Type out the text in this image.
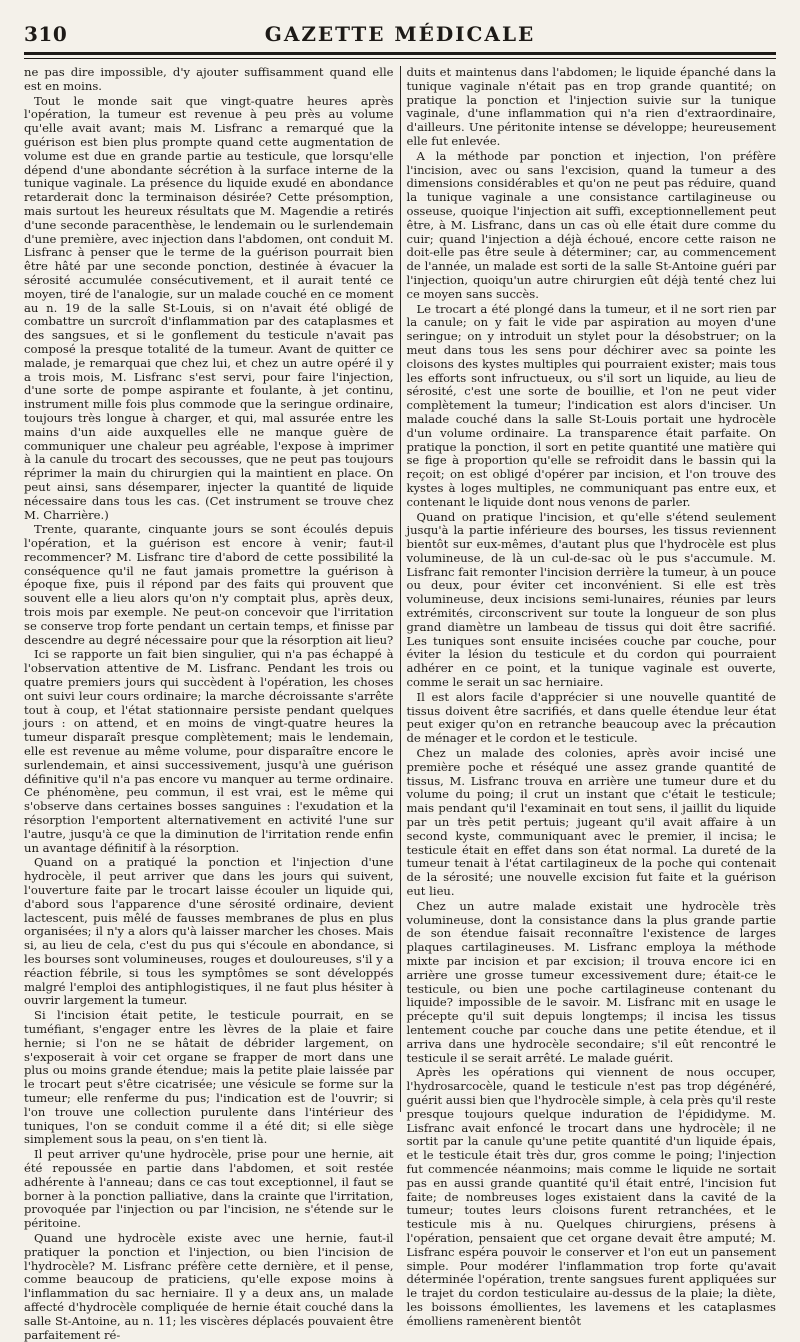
310	GAZETTE MÉDICALE

ne pas dire impossible, d'y ajouter suffisamment quand elle est en moins.

Tout le monde sait que vingt-quatre heures après l'opération, la tumeur est revenue à peu près au volume qu'elle avait avant; mais M. Lisfranc a remarqué que la guérison est bien plus prompte quand cette augmentation de volume est due en grande partie au testicule, que lorsqu'elle dépend d'une abondante sécrétion à la surface interne de la tunique vaginale. La présence du liquide exudé en abondance retarderait donc la terminaison désirée? Cette présomption, mais surtout les heureux résultats que M. Magendie a retirés d'une seconde paracenthèse, le lendemain ou le surlendemain d'une première, avec injection dans l'abdomen, ont conduit M. Lisfranc à penser que le terme de la guérison pourrait bien être hâté par une seconde ponction, destinée à évacuer la sérosité accumulée consécutivement, et il aurait tenté ce moyen, tiré de l'analogie, sur un malade couché en ce moment au n. 19 de la salle St-Louis, si on n'avait été obligé de combattre un surcroît d'inflammation par des cataplasmes et des sangsues, et si le gonflement du testicule n'avait pas composé la presque totalité de la tumeur. Avant de quitter ce malade, je remarquai que chez lui, et chez un autre opéré il y a trois mois, M. Lisfranc s'est servi, pour faire l'injection, d'une sorte de pompe aspirante et foulante, à jet continu, instrument mille fois plus commode que la seringue ordinaire, toujours très longue à charger, et qui, mal assurée entre les mains d'un aide auxquelles elle ne manque guère de communiquer une chaleur peu agréable, l'expose à imprimer à la canule du trocart des secousses, que ne peut pas toujours réprimer la main du chirurgien qui la maintient en place. On peut ainsi, sans désemparer, injecter la quantité de liquide nécessaire dans tous les cas. (Cet instrument se trouve chez M. Charrière.)

Trente, quarante, cinquante jours se sont écoulés depuis l'opération, et la guérison est encore à venir; faut-il recommencer? M. Lisfranc tire d'abord de cette possibilité la conséquence qu'il ne faut jamais promettre la guérison à époque fixe, puis il répond par des faits qui prouvent que souvent elle a lieu alors qu'on n'y comptait plus, après deux, trois mois par exemple. Ne peut-on concevoir que l'irritation se conserve trop forte pendant un certain temps, et finisse par descendre au degré nécessaire pour que la résorption ait lieu?

Ici se rapporte un fait bien singulier, qui n'a pas échappé à l'observation attentive de M. Lisfranc. Pendant les trois ou quatre premiers jours qui succèdent à l'opération, les choses ont suivi leur cours ordinaire; la marche décroissante s'arrête tout à coup, et l'état stationnaire persiste pendant quelques jours : on attend, et en moins de vingt-quatre heures la tumeur disparaît presque complètement; mais le lendemain, elle est revenue au même volume, pour disparaître encore le surlendemain, et ainsi successivement, jusqu'à une guérison définitive qu'il n'a pas encore vu manquer au terme ordinaire. Ce phénomène, peu commun, il est vrai, est le même qui s'observe dans certaines bosses sanguines : l'exudation et la résorption l'emportent alternativement en activité l'une sur l'autre, jusqu'à ce que la diminution de l'irritation rende enfin un avantage définitif à la résorption.

Quand on a pratiqué la ponction et l'injection d'une hydrocèle, il peut arriver que dans les jours qui suivent, l'ouverture faite par le trocart laisse écouler un liquide qui, d'abord sous l'apparence d'une sérosité ordinaire, devient lactescent, puis mêlé de fausses membranes de plus en plus organisées; il n'y a alors qu'à laisser marcher les choses. Mais si, au lieu de cela, c'est du pus qui s'écoule en abondance, si les bourses sont volumineuses, rouges et douloureuses, s'il y a réaction fébrile, si tous les symptômes se sont développés malgré l'emploi des antiphlogistiques, il ne faut plus hésiter à ouvrir largement la tumeur.

Si l'incision était petite, le testicule pourrait, en se tuméfiant, s'engager entre les lèvres de la plaie et faire hernie; si l'on ne se hâtait de débrider largement, on s'exposerait à voir cet organe se frapper de mort dans une plus ou moins grande étendue; mais la petite plaie laissée par le trocart peut s'être cicatrisée; une vésicule se forme sur la tumeur; elle renferme du pus; l'indication est de l'ouvrir; si l'on trouve une collection purulente dans l'intérieur des tuniques, l'on se conduit comme il a été dit; si elle siège simplement sous la peau, on s'en tient là.

Il peut arriver qu'une hydrocèle, prise pour une hernie, ait été repoussée en partie dans l'abdomen, et soit restée adhérente à l'anneau; dans ce cas tout exceptionnel, il faut se borner à la ponction palliative, dans la crainte que l'irritation, provoquée par l'injection ou par l'incision, ne s'étende sur le péritoine.

Quand une hydrocèle existe avec une hernie, faut-il pratiquer la ponction et l'injection, ou bien l'incision de l'hydrocèle? M. Lisfranc préfère cette dernière, et il pense, comme beaucoup de praticiens, qu'elle expose moins à l'inflammation du sac herniaire. Il y a deux ans, un malade affecté d'hydrocèle compliquée de hernie était couché dans la salle St-Antoine, au n. 11; les viscères déplacés pouvaient être parfaitement ré-

duits et maintenus dans l'abdomen; le liquide épanché dans la tunique vaginale n'était pas en trop grande quantité; on pratique la ponction et l'injection suivie sur la tunique vaginale, d'une inflammation qui n'a rien d'extraordinaire, d'ailleurs. Une péritonite intense se développe; heureusement elle fut enlevée.

A la méthode par ponction et injection, l'on préfère l'incision, avec ou sans l'excision, quand la tumeur a des dimensions considérables et qu'on ne peut pas réduire, quand la tunique vaginale a une consistance cartilagineuse ou osseuse, quoique l'injection ait suffi, exceptionnellement peut être, à M. Lisfranc, dans un cas où elle était dure comme du cuir; quand l'injection a déjà échoué, encore cette raison ne doit-elle pas être seule à déterminer; car, au commencement de l'année, un malade est sorti de la salle St-Antoine guéri par l'injection, quoiqu'un autre chirurgien eût déjà tenté chez lui ce moyen sans succès.

Le trocart a été plongé dans la tumeur, et il ne sort rien par la canule; on y fait le vide par aspiration au moyen d'une seringue; on y introduit un stylet pour la désobstruer; on la meut dans tous les sens pour déchirer avec sa pointe les cloisons des kystes multiples qui pourraient exister; mais tous les efforts sont infructueux, ou s'il sort un liquide, au lieu de sérosité, c'est une sorte de bouillie, et l'on ne peut vider complètement la tumeur; l'indication est alors d'inciser. Un malade couché dans la salle St-Louis portait une hydrocèle d'un volume ordinaire. La transparence était parfaite. On pratique la ponction, il sort en petite quantité une matière qui se fige à proportion qu'elle se refroidit dans le bassin qui la reçoit; on est obligé d'opérer par incision, et l'on trouve des kystes à loges multiples, ne communiquant pas entre eux, et contenant le liquide dont nous venons de parler.

Quand on pratique l'incision, et qu'elle s'étend seulement jusqu'à la partie inférieure des bourses, les tissus reviennent bientôt sur eux-mêmes, d'autant plus que l'hydrocèle est plus volumineuse, de là un cul-de-sac où le pus s'accumule. M. Lisfranc fait remonter l'incision derrière la tumeur, à un pouce ou deux, pour éviter cet inconvénient. Si elle est très volumineuse, deux incisions semi-lunaires, réunies par leurs extrémités, circonscrivent sur toute la longueur de son plus grand diamètre un lambeau de tissus qui doit être sacrifié. Les tuniques sont ensuite incisées couche par couche, pour éviter la lésion du testicule et du cordon qui pourraient adhérer en ce point, et la tunique vaginale est ouverte, comme le serait un sac herniaire.

Il est alors facile d'apprécier si une nouvelle quantité de tissus doivent être sacrifiés, et dans quelle étendue leur état peut exiger qu'on en retranche beaucoup avec la précaution de ménager et le cordon et le testicule.

Chez un malade des colonies, après avoir incisé une première poche et réséqué une assez grande quantité de tissus, M. Lisfranc trouva en arrière une tumeur dure et du volume du poing; il crut un instant que c'était le testicule; mais pendant qu'il l'examinait en tout sens, il jaillit du liquide par un très petit pertuis; jugeant qu'il avait affaire à un second kyste, communiquant avec le premier, il incisa; le testicule était en effet dans son état normal. La dureté de la tumeur tenait à l'état cartilagineux de la poche qui contenait de la sérosité; une nouvelle excision fut faite et la guérison eut lieu.

Chez un autre malade existait une hydrocèle très volumineuse, dont la consistance dans la plus grande partie de son étendue faisait reconnaître l'existence de larges plaques cartilagineuses. M. Lisfranc employa la méthode mixte par incision et par excision; il trouva encore ici en arrière une grosse tumeur excessivement dure; était-ce le testicule, ou bien une poche cartilagineuse contenant du liquide? impossible de le savoir. M. Lisfranc mit en usage le précepte qu'il suit depuis longtemps; il incisa les tissus lentement couche par couche dans une petite étendue, et il arriva dans une hydrocèle secondaire; s'il eût rencontré le testicule il se serait arrêté. Le malade guérit.

Après les opérations qui viennent de nous occuper, l'hydrosarcocèle, quand le testicule n'est pas trop dégénéré, guérit aussi bien que l'hydrocèle simple, à cela près qu'il reste presque toujours quelque induration de l'épididyme. M. Lisfranc avait enfoncé le trocart dans une hydrocèle; il ne sortit par la canule qu'une petite quantité d'un liquide épais, et le testicule était très dur, gros comme le poing; l'injection fut commencée néanmoins; mais comme le liquide ne sortait pas en aussi grande quantité qu'il était entré, l'incision fut faite; de nombreuses loges existaient dans la cavité de la tumeur; toutes leurs cloisons furent retranchées, et le testicule mis à nu. Quelques chirurgiens, présens à l'opération, pensaient que cet organe devait être amputé; M. Lisfranc espéra pouvoir le conserver et l'on eut un pansement simple. Pour modérer l'inflammation trop forte qu'avait déterminée l'opération, trente sangsues furent appliquées sur le trajet du cordon testiculaire au-dessus de la plaie; la diète, les boissons émollientes, les lavemens et les cataplasmes émolliens ramenèrent bientôt
